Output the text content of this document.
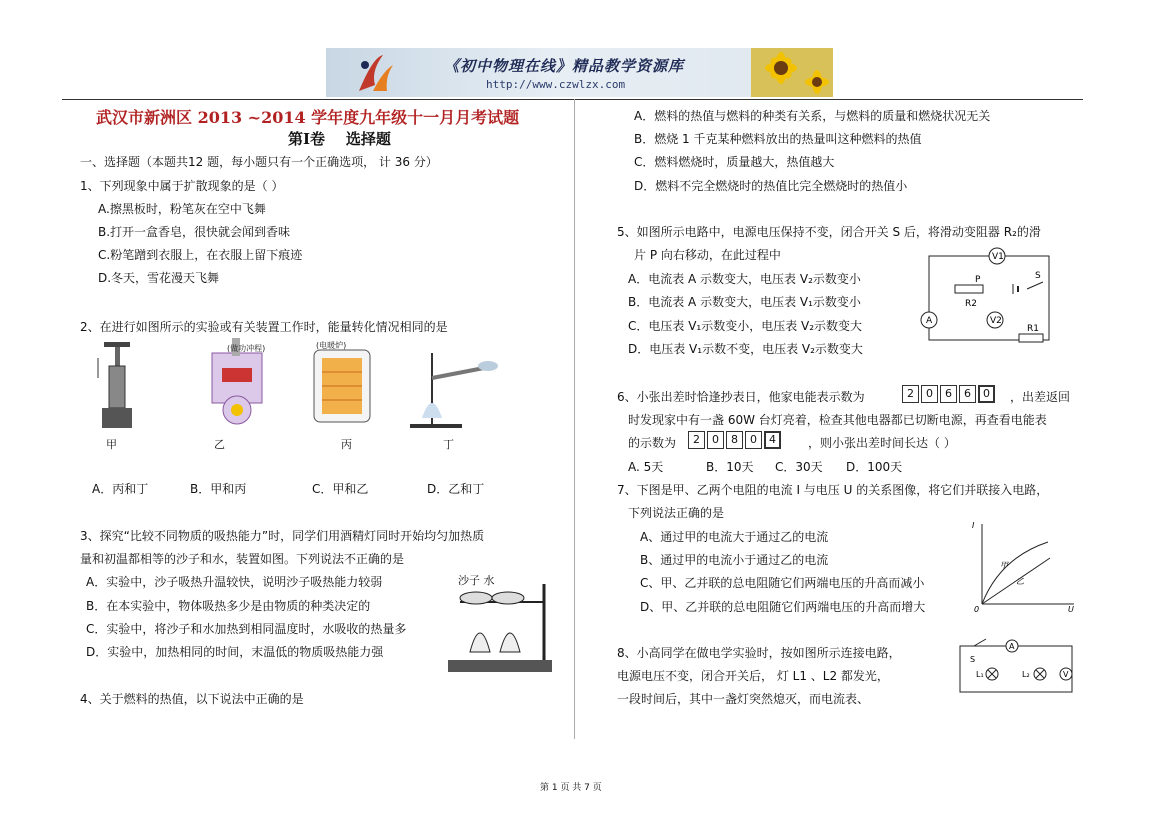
《初中物理在线》精品教学资源库
http://www.czwlzx.com
武汉市新洲区 2013 ~2014 学年度九年级十一月月考试题
第Ⅰ卷    选择题
一、选择题（本题共12 题，每小题只有一个正确选项， 计 36 分）
1、下列现象中属于扩散现象的是（ ）
A.擦黑板时，粉笔灰在空中飞舞
B.打开一盒香皂，很快就会闻到香味
C.粉笔蹭到衣服上，在衣服上留下痕迹
D.冬天，雪花漫天飞舞
2、在进行如图所示的实验或有关装置工作时，能量转化情况相同的是
(做功冲程)	(电暖炉)
甲	乙	丙	丁
A．丙和丁	B．甲和丙	C．甲和乙	D．乙和丁
3、探究“比较不同物质的吸热能力”时，同学们用酒精灯同时开始均匀加热质
量和初温都相等的沙子和水，装置如图。下列说法不正确的是
A．实验中，沙子吸热升温较快，说明沙子吸热能力较弱
B．在本实验中，物体吸热多少是由物质的种类决定的
C．实验中，将沙子和水加热到相同温度时，水吸收的热量多
D．实验中，加热相同的时间，末温低的物质吸热能力强
沙子 水
4、关于燃料的热值，以下说法中正确的是
A．燃料的热值与燃料的种类有关系，与燃料的质量和燃烧状况无关
B．燃烧 1 千克某种燃料放出的热量叫这种燃料的热值
C．燃料燃烧时，质量越大，热值越大
D．燃料不完全燃烧时的热值比完全燃烧时的热值小
5、如图所示电路中，电源电压保持不变，闭合开关 S 后，将滑动变阻器 R₂的滑
片 P 向右移动，在此过程中
A．电流表 A 示数变大，电压表 V₂示数变小
B．电流表 A 示数变大，电压表 V₁示数变小
C．电压表 V₁示数变小，电压表 V₂示数变大
D．电压表 V₁示数不变，电压表 V₂示数变大
V1
P
R2
S
A	V2
R1
6、小张出差时恰逢抄表日，他家电能表示数为	2	0	6	6	0	，出差返回
时发现家中有一盏 60W 台灯亮着，检查其他电器都已切断电源，再查看电能表
的示数为	2	0	8	0	4	，则小张出差时间长达（ ）
A. 5天	B．10天 C．30天 D．100天
7、下图是甲、乙两个电阻的电流 I 与电压 U 的关系图像，将它们并联接入电路，
下列说法正确的是
A、通过甲的电流大于通过乙的电流
B、通过甲的电流小于通过乙的电流
C、甲、乙并联的总电阻随它们两端电压的升高而减小
D、甲、乙并联的总电阻随它们两端电压的升高而增大
I
甲
乙
0	U
8、小高同学在做电学实验时，按如图所示连接电路，
电源电压不变，闭合开关后， 灯 L1 、L2 都发光，
一段时间后，其中一盏灯突然熄灭，而电流表、
S
A
L₁	L₂	V
第 1 页 共 7 页
